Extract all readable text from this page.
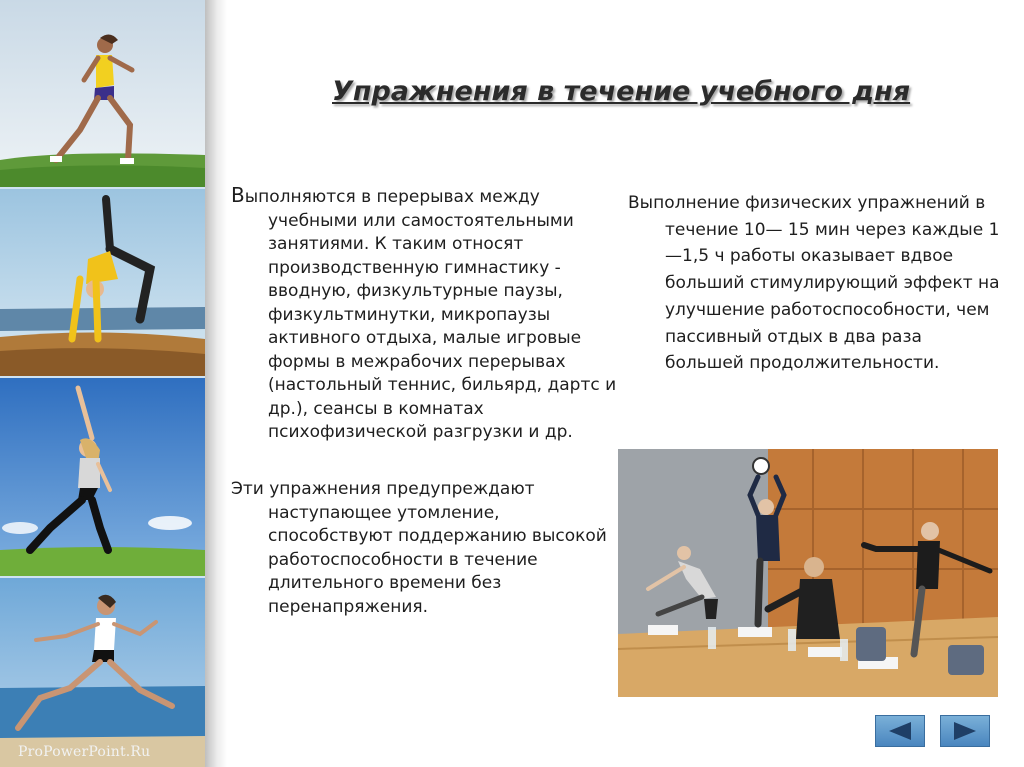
ProPowerPoint.Ru
Упражнения в течение учебного дня
Выполняются в перерывах между учебными или самостоятельными занятиями. К таким относят производственную гимнастику - вводную, физкультурные паузы, физкультминутки, микропаузы активного отдыха, малые игровые формы в межрабочих перерывах (настольный теннис, бильярд, дартс и др.), сеансы в комнатах психофизической разгрузки и др.
Эти упражнения предупреждают наступающее утомление, способствуют поддержанию высокой работоспособности в течение длительного времени без перенапряжения.
Выполнение физических упражнений в течение 10— 15 мин через каждые 1—1,5 ч работы оказывает вдвое больший стимулирующий эффект на улучшение работоспособности, чем пассивный отдых в два раза большей продолжительности.
